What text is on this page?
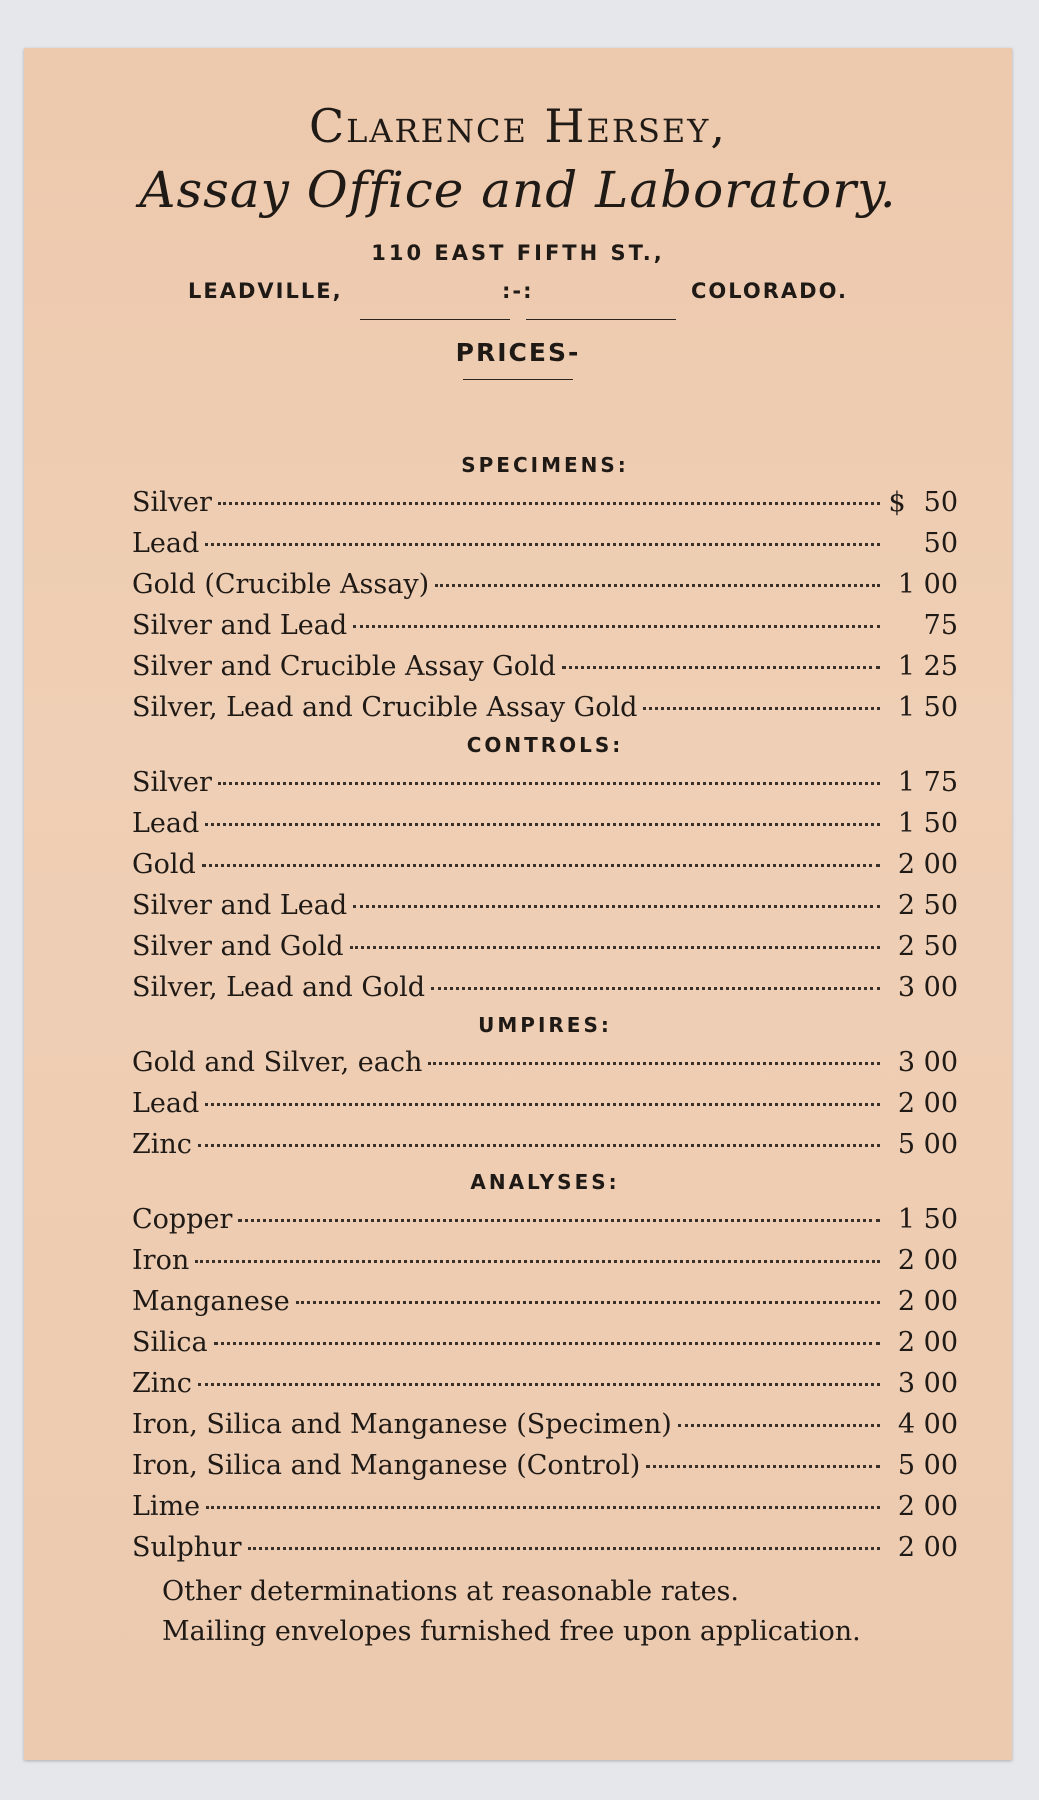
Clarence Hersey,
Assay Office and Laboratory.
110 EAST FIFTH ST.,
LEADVILLE,	:-:	COLORADO.
PRICES-
SPECIMENS:
Silver	$ 50
Lead	50
Gold (Crucible Assay)	1 00
Silver and Lead	75
Silver and Crucible Assay Gold	1 25
Silver, Lead and Crucible Assay Gold	1 50
CONTROLS:
Silver	1 75
Lead	1 50
Gold	2 00
Silver and Lead	2 50
Silver and Gold	2 50
Silver, Lead and Gold	3 00
UMPIRES:
Gold and Silver, each	3 00
Lead	2 00
Zinc	5 00
ANALYSES:
Copper	1 50
Iron	2 00
Manganese	2 00
Silica	2 00
Zinc	3 00
Iron, Silica and Manganese (Specimen)	4 00
Iron, Silica and Manganese (Control)	5 00
Lime	2 00
Sulphur	2 00
Other determinations at reasonable rates.
Mailing envelopes furnished free upon application.
